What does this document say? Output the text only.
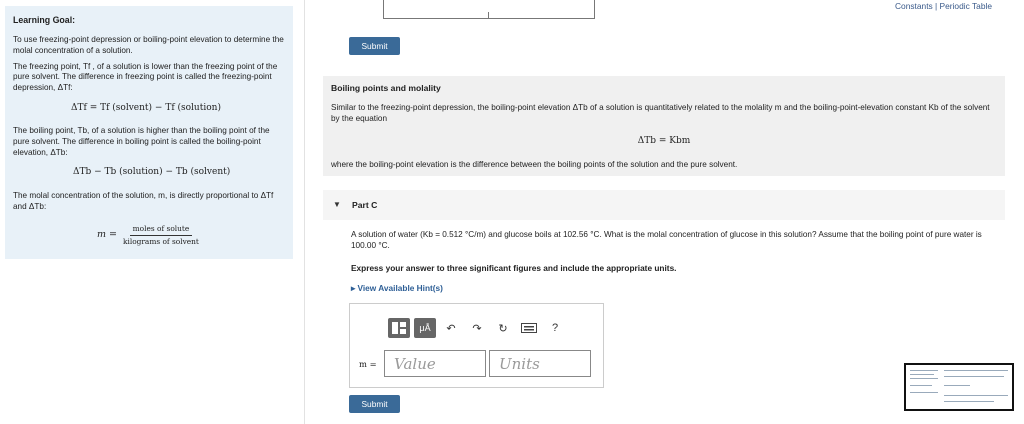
Learning Goal:

To use freezing-point depression or boiling-point elevation to determine the molal concentration of a solution.

The freezing point, Tf , of a solution is lower than the freezing point of the pure solvent. The difference in freezing point is called the freezing-point depression, ΔTf:

ΔTf = Tf (solvent) − Tf (solution)

The boiling point, Tb, of a solution is higher than the boiling point of the pure solvent. The difference in boiling point is called the boiling-point elevation, ΔTb:

ΔTb − Tb (solution) − Tb (solvent)

The molal concentration of the solution, m, is directly proportional to ΔTf and ΔTb:

$m = \frac{\text{moles of solute}}{\text{kilograms of solvent}}$
Constants | Periodic Table
Submit
Boiling points and molality
Similar to the freezing-point depression, the boiling-point elevation ΔTb of a solution is quantitatively related to the molality m and the boiling-point-elevation constant Kb of the solvent by the equation
ΔTb = Kbm
where the boiling-point elevation is the difference between the boiling points of the solution and the pure solvent.
▼ Part C
A solution of water (Kb = 0.512 °C/m) and glucose boils at 102.56 °C. What is the molal concentration of glucose in this solution? Assume that the boiling point of pure water is 100.00 °C.
Express your answer to three significant figures and include the appropriate units.
▸ View Available Hint(s)
μÅ	↶	↷	↻	?
m =	Value	Units
Submit
